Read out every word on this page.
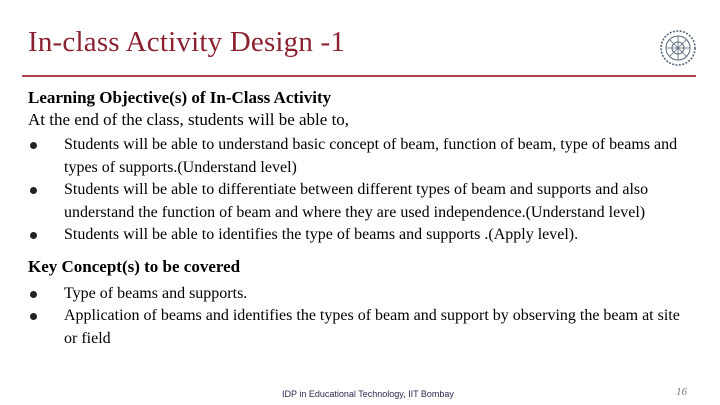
In-class Activity Design -1
Learning Objective(s) of In-Class Activity
At the end of the class, students will be able to,
Students will be able to understand basic concept of beam, function of beam, type of beams and types of supports.(Understand level)
Students will be able to differentiate between different types of beam and supports and also understand the function of beam and where they are used independence.(Understand level)
Students will be able to identifies the type of beams and supports .(Apply level).
Key Concept(s) to be covered
Type of beams and supports.
Application of beams and identifies the types of beam and support by observing the beam at site or field
IDP in Educational Technology, IIT Bombay	16
